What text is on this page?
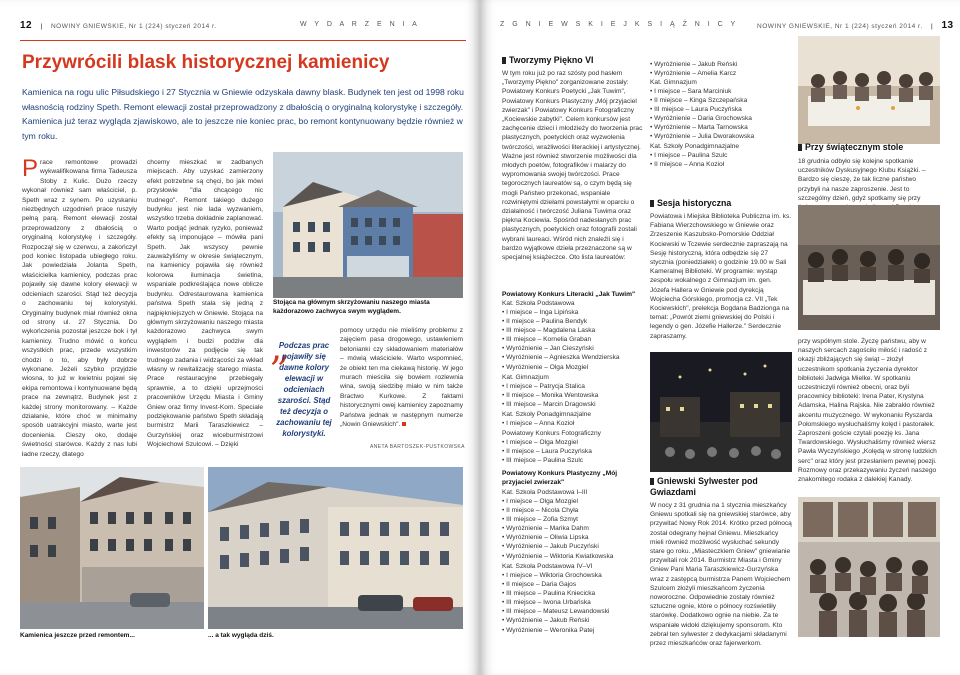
12 | NOWINY GNIEWSKIE, Nr 1 (224) styczeń 2014 r.	W Y D A R Z E N I A
Przywrócili blask historycznej kamienicy

Kamienica na rogu ulic Piłsudskiego i 27 Stycznia w Gniewie odzyskała dawny blask. Budynek ten jest od 1998 roku własnością rodziny Speth. Remont elewacji został przeprowadzony z dbałością o oryginalną kolorystykę i szczegóły. Kamienica już teraz wygląda zjawiskowo, ale to jeszcze nie koniec prac, bo remont kontynuowany będzie również w tym roku.

Prace remontowe prowadzi wykwalifikowana firma Tadeusza Stoby z Kulic. Dużo rzeczy wykonał również sam właściciel, p. Speth wraz z synem. Po uzyskaniu niezbędnych uzgodnień prace ruszyły pełną parą. Remont elewacji został przeprowadzony z dbałością o oryginalną kolorystykę i szczegóły. Rozpoczął się w czerwcu, a zakończył pod koniec listopada ubiegłego roku. Jak powiedziała Jolanta Speth, właścicielka kamienicy, podczas prac pojawiły się dawne kolory elewacji w odcieniach szarości. Stąd też decyzja o zachowaniu tej kolorystyki. Oryginalny budynek miał również okna od strony ul. 27 Stycznia. Do wykończenia pozostał jeszcze bok i tył kamienicy. Trudno mówić o końcu wszystkich prac, przede wszystkim chodzi o to, aby były dobrze wykonane. Jeżeli szybko przyjdzie wiosna, to już w kwietniu pojawi się ekipa remontowa i kontynuowane będą prace na zewnątrz. Budynek jest z każdej strony monitorowany. – Każde działanie, które choć w minimalny sposób uatrakcyjni miasto, warte jest docenienia. Cieszy oko, dodaje świetności starówce. Każdy z nas lubi ładne rzeczy, dlatego
chcemy mieszkać w zadbanych miejscach. Aby uzyskać zamierzony efekt potrzebne są chęci, bo jak mówi przysłowie "dla chcącego nic trudnego". Remont takiego dużego budynku jest nie lada wyzwaniem, wszystko trzeba dokładnie zaplanować. Warto podjąć jednak ryzyko, ponieważ efekty są imponujące – mówiła pani Speth. Jak wszyscy pewnie zauważyliśmy w okresie świątecznym, na kamienicy pojawiła się również kolorowa iluminacja świetlna, wspaniale podkreślająca nowe oblicze budynku. Odrestaurowana kamienica państwa Speth stała się jedną z najpiękniejszych w Gniewie. Stojąca na głównym skrzyżowaniu naszego miasta każdorazowo zachwyca swym wyglądem i budzi podziw dla inwestorów za podjęcie się tak trudnego zadania i widzącości za wkład własny w rewitalizację starego miasta. Prace restauracyjne przebiegały sprawnie, a to dzięki uprzejmości pracowników Urzędu Miasta i Gminy Gniew oraz firmy Invest-Kom. Speciale podziękowanie państwo Speth składają burmistrz Marii Taraszkiewicz –Gurzyńskiej oraz wiceburmistrzowi Wojciechowi Szulcowi. – Dzięki
Stojąca na głównym skrzyżowaniu naszego miasta każdorazowo zachwyca swym wyglądem.
„
Podczas prac pojawiły się dawne kolory elewacji w odcieniach szarości. Stąd też decyzja o zachowaniu tej kolorystyki.
pomocy urzędu nie mieliśmy problemu z zajęciem pasa drogowego, ustawieniem betonianki czy składowaniem materiałów – mówią właściciele. Warto wspomnieć, że obiekt ten ma ciekawą historię. W jego murach mieściła się bowiem rozlewnia wina, swoją siedzibę miało w nim także Bractwo Kurkowe. Z faktami historycznymi owej kamienicy zapoznamy Państwa jednak w następnym numerze „Nowin Gniewskich".
ANETA BARTOSZEK-PUSTKOWSKA
Kamienica jeszcze przed remontem...	... a tak wygląda dziś.
Z G N I E W S K I E J K S I Ą Ż N I C Y	NOWINY GNIEWSKIE, Nr 1 (224) styczeń 2014 r. | 13
Tworzymy Piękno VI

W tym roku już po raz szósty pod hasłem „Tworzymy Piękno" zorganizowane zostały: Powiatowy Konkurs Poetycki „Jak Tuwim", Powiatowy Konkurs Plastyczny „Mój przyjaciel zwierzak" i Powiatowy Konkurs Fotograficzny „Kociewskie zabytki". Celem konkursów jest zachęcenie dzieci i młodzieży do tworzenia prac plastycznych, poetyckich oraz wyzwolenia twórczości, wrażliwości literackiej i artystycznej. Ważne jest również stworzenie możliwości dla młodych poetów, fotografików i malarzy do wypromowania swojej twórczości. Prace tegorocznych laureatów są, o czym będą się mogli Państwo przekonać, wspaniale rozwiniętymi dziełami powstałymi w oparciu o działalność i twórczość Juliana Tuwima oraz piękna Kociewia. Spośród nadesłanych prac plastycznych, poetyckich oraz fotografii zostali wybrani laureaci. Wśród nich znaleźli się i bardzo wyjątkowe dzieła przeznaczone są w specjalnej książeczce. Oto lista laureatów:

Powiatowy Konkurs Literacki „Jak Tuwim"
Kat. Szkoła Podstawowa
• I miejsce – Inga Lipińska
• II miejsce – Paulina Bendyk
• III miejsce – Magdalena Laska
• III miejsce – Kornelia Graban
• Wyróżnienie – Jan Cieszyński
• Wyróżnienie – Agnieszka Wendzierska
• Wyróżnienie – Olga Mozgiel
Kat. Gimnazjum
• I miejsce – Patrycja Stalica
• II miejsce – Monika Wentowska
• III miejsce – Marcin Dragowski
Kat. Szkoły Ponadgimnazjalne
• I miejsce – Anna Kozioł
Powiatowy Konkurs Fotograficzny
• I miejsce – Olga Mozgiel
• II miejsce – Laura Puczyńska
• III miejsce – Paulina Szulc
Powiatowy Konkurs Plastyczny „Mój przyjaciel zwierzak"
Kat. Szkoła Podstawowa I–III
• I miejsce – Olga Mozgiel
• II miejsce – Nicola Chyła
• III miejsce – Zofia Szmyt
• Wyróżnienie – Marika Dahm
• Wyróżnienie – Oliwia Lipska
• Wyróżnienie – Jakub Puczyński
• Wyróżnienie – Wiktoria Kwiatkowska
Kat. Szkoła Podstawowa IV–VI
• I miejsce – Wiktoria Grochowska
• II miejsce – Daria Gajos
• III miejsce – Paulina Kniecicka
• III miejsce – Iwona Urbańska
• III miejsce – Mateusz Lewandowski
• Wyróżnienie – Jakub Reński
• Wyróżnienie – Weronika Patej
• Wyróżnienie – Jakub Reński
• Wyróżnienie – Amelia Karcz
Kat. Gimnazjum
• I miejsce – Sara Marciniuk
• II miejsce – Kinga Szczepańska
• III miejsce – Laura Puczyńska
• Wyróżnienie – Daria Grochowska
• Wyróżnienie – Marta Tarnowska
• Wyróżnienie – Julia Dworakowska
Kat. Szkoły Ponadgimnazjalne
• I miejsce – Paulina Szulc
• II miejsce – Anna Kozioł
Sesja historyczna

Powiatowa i Miejska Biblioteka Publiczna im. ks. Fabiana Wierzchowskiego w Gniewie oraz Zrzeszenie Kaszubsko-Pomorskie Oddział Kociewski w Tczewie serdecznie zapraszają na Sesję historyczną, która odbędzie się 27 stycznia (poniedziałek) o godzinie 19.00 w Sali Kameralnej Biblioteki. W programie: wystąp zespołu wokalnego z Gimnazjum im. gen. Józefa Hallera w Gniewie pod dyrekcją Wojciecha Górskiego, promocja cz. VII „Tek Kociewskich", prelekcja Bogdana Badzionga na temat: „Powrót ziemi gniewskiej do Polski i legendy o gen. Józefie Hallerze." Serdecznie zapraszamy.

Gniewski Sylwester pod Gwiazdami

W nocy z 31 grudnia na 1 stycznia mieszkańcy Gniewu spotkali się na gniewskiej starówce, aby przywitać Nowy Rok 2014. Krótko przed północą został odegrany hejnał Gniewu. Mieszkańcy mieli również możliwość wysłuchać sekundy stare go roku. „Miasteczkiem Gniew" gniewianie przywitali rok 2014. Burmistrz Miasta i Gminy Gniew Pani Maria Taraszkiewicz-Gurzyńska wraz z zastępcą burmistrza Panem Wojciechem Szulcem złożyli mieszkańcom życzenia noworoczne. Odpowiednie zostały również sztuczne ognie, które o północy rozświetliły starówkę. Dodatkowo ognie na niebie. Za te wspaniałe widoki dziękujemy sponsorom. Kto zebrał ten sylwester z dedykacjami składanymi przez mieszkańców oraz fajerwerkom.

Przy świątecznym stole

18 grudnia odbyło się kolejne spotkanie uczestników Dyskusyjnego Klubu Książki. – Bardzo się cieszę, że tak liczne państwo przybyli na nasze zaproszenie. Jest to szczególny dzień, gdyż spotkamy się przy

przy wspólnym stole. Życzę państwu, aby w naszych sercach zagościło miłość i radość z okazji zbliżających się świąt – złożył uczestnikom spotkania życzenia dyrektor biblioteki Jadwiga Mielke. W spotkaniu uczestniczyli również obecni, oraz byli pracownicy biblioteki: Irena Pater, Krystyna Adamska, Halina Rajska. Nie zabrakło również akcentu muzycznego. W wykonaniu Ryszarda Połomskiego wysłuchaliśmy kolęd i pastorałek. Zaproszeni goście czytali poezję ks. Jana Twardowskiego. Wysłuchaliśmy również wiersz Pawła Wyczyńskiego „Kolędą w stronę ludzkich serc" oraz który jest przesłaniem pewnej poezji. Rozmowy oraz przekazywaniu życzeń naszego znakomitego rodaka z dalekiej Kanady.
